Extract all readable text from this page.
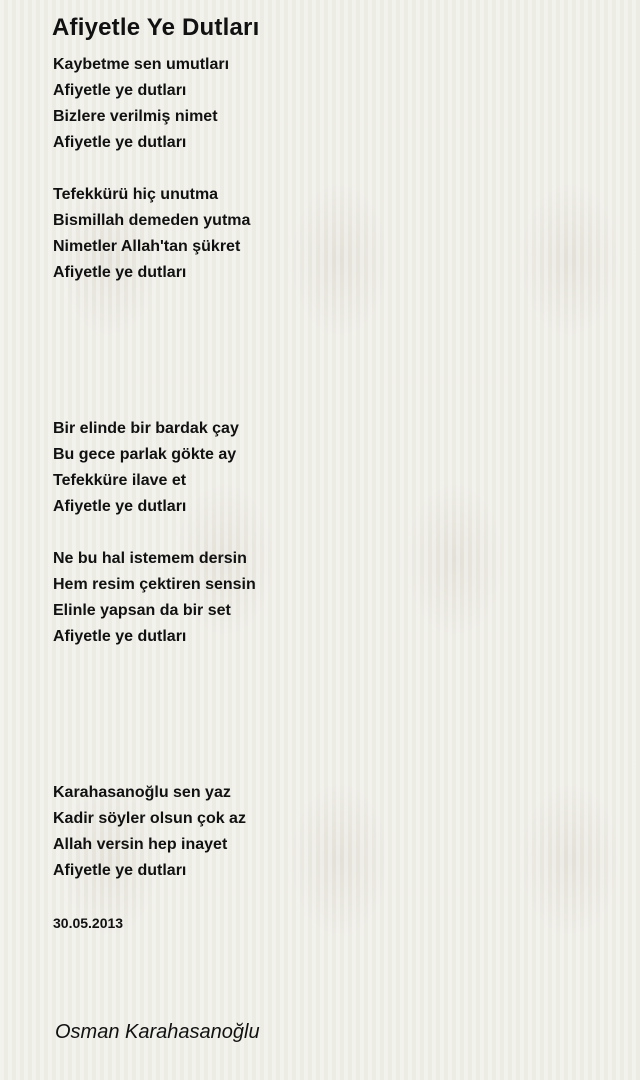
Afiyetle Ye Dutları
Kaybetme sen umutları
Afiyetle ye dutları
Bizlere verilmiş nimet
Afiyetle ye dutları
Tefekkürü hiç unutma
Bismillah demeden yutma
Nimetler Allah'tan şükret
Afiyetle ye dutları
Bir elinde bir bardak çay
Bu gece parlak gökte ay
Tefekküre ilave et
Afiyetle ye dutları
Ne bu hal istemem dersin
Hem resim çektiren sensin
Elinle yapsan da bir set
Afiyetle ye dutları
Karahasanoğlu sen yaz
Kadir söyler olsun çok az
Allah versin hep inayet
Afiyetle ye dutları
30.05.2013
Osman Karahasanoğlu
